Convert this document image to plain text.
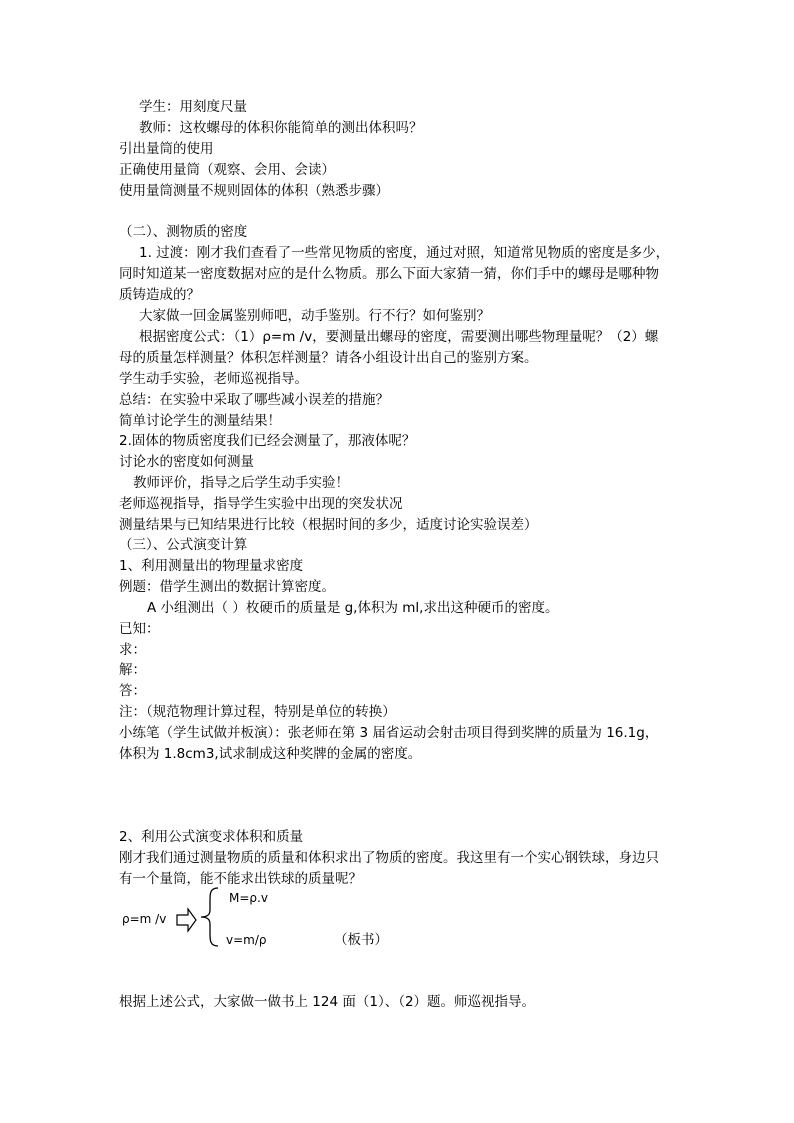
学生：用刻度尺量
教师：这枚螺母的体积你能简单的测出体积吗？
引出量筒的使用
正确使用量筒（观察、会用、会读）
使用量筒测量不规则固体的体积（熟悉步骤）
（二）、测物质的密度
1. 过渡：刚才我们查看了一些常见物质的密度，通过对照，知道常见物质的密度是多少，
同时知道某一密度数据对应的是什么物质。那么下面大家猜一猜，你们手中的螺母是哪种物
质铸造成的？
大家做一回金属鉴别师吧，动手鉴别。行不行？如何鉴别？
根据密度公式：（1）ρ=m /v，要测量出螺母的密度，需要测出哪些物理量呢？（2）螺
母的质量怎样测量？体积怎样测量？请各小组设计出自己的鉴别方案。
学生动手实验，老师巡视指导。
总结：在实验中采取了哪些减小误差的措施？
简单讨论学生的测量结果！
2.固体的物质密度我们已经会测量了，那液体呢？
讨论水的密度如何测量
教师评价，指导之后学生动手实验！
老师巡视指导，指导学生实验中出现的突发状况
测量结果与已知结果进行比较（根据时间的多少，适度讨论实验误差）
（三）、公式演变计算
1、利用测量出的物理量求密度
例题：借学生测出的数据计算密度。
A 小组测出（ ）枚硬币的质量是 g,体积为 ml,求出这种硬币的密度。
已知：
求：
解：
答：
注：（规范物理计算过程，特别是单位的转换）
小练笔（学生试做并板演）：张老师在第 3 届省运动会射击项目得到奖牌的质量为 16.1g，
体积为 1.8cm3,试求制成这种奖牌的金属的密度。
2、利用公式演变求体积和质量
刚才我们通过测量物质的质量和体积求出了物质的密度。我这里有一个实心钢铁球，身边只
有一个量筒，能不能求出铁球的质量呢？
ρ=m /v
M=ρ.v
v=m/ρ	（板书）
根据上述公式，大家做一做书上 124 面（1）、（2）题。师巡视指导。
